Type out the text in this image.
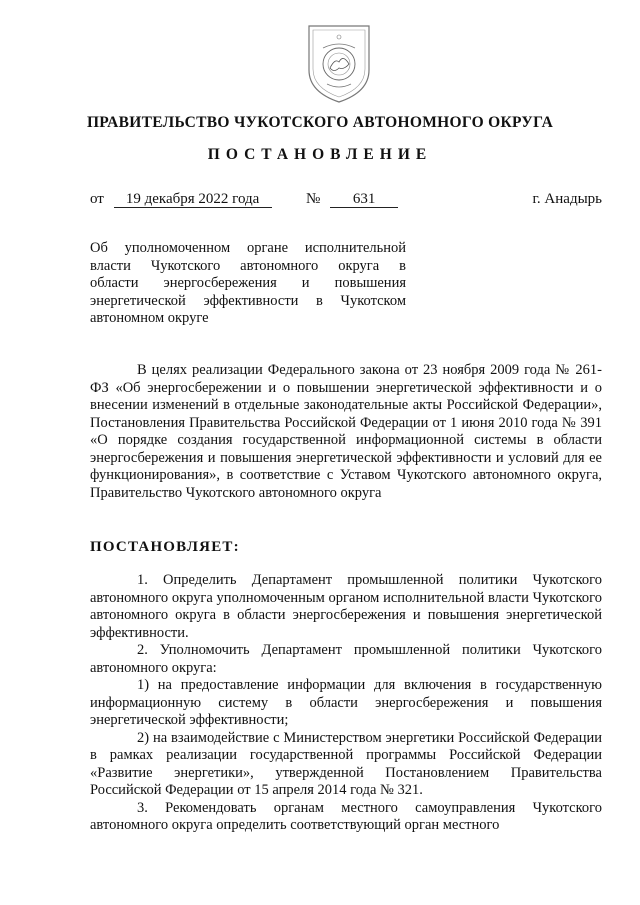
ПРАВИТЕЛЬСТВО ЧУКОТСКОГО АВТОНОМНОГО ОКРУГА
ПОСТАНОВЛЕНИЕ
от 19 декабря 2022 года	№ 631	г. Анадырь
Об уполномоченном органе исполнительной
власти Чукотского автономного округа в
области энергосбережения и повышения
энергетической эффективности в Чукотском
автономном округе

В целях реализации Федерального закона от 23 ноября 2009 года № 261-ФЗ «Об энергосбережении и о повышении энергетической эффективности и о внесении изменений в отдельные законодательные акты Российской Федерации», Постановления Правительства Российской Федерации от 1 июня 2010 года № 391 «О порядке создания государственной информационной системы в области энергосбережения и повышения энергетической эффективности и условий для ее функционирования», в соответствие с Уставом Чукотского автономного округа, Правительство Чукотского автономного округа

ПОСТАНОВЛЯЕТ:

1. Определить Департамент промышленной политики Чукотского автономного округа уполномоченным органом исполнительной власти Чукотского автономного округа в области энергосбережения и повышения энергетической эффективности.

2. Уполномочить Департамент промышленной политики Чукотского автономного округа:

1) на предоставление информации для включения в государственную информационную систему в области энергосбережения и повышения энергетической эффективности;

2) на взаимодействие с Министерством энергетики Российской Федерации в рамках реализации государственной программы Российской Федерации «Развитие энергетики», утвержденной Постановлением Правительства Российской Федерации от 15 апреля 2014 года № 321.

3. Рекомендовать органам местного самоуправления Чукотского автономного округа определить соответствующий орган местного
